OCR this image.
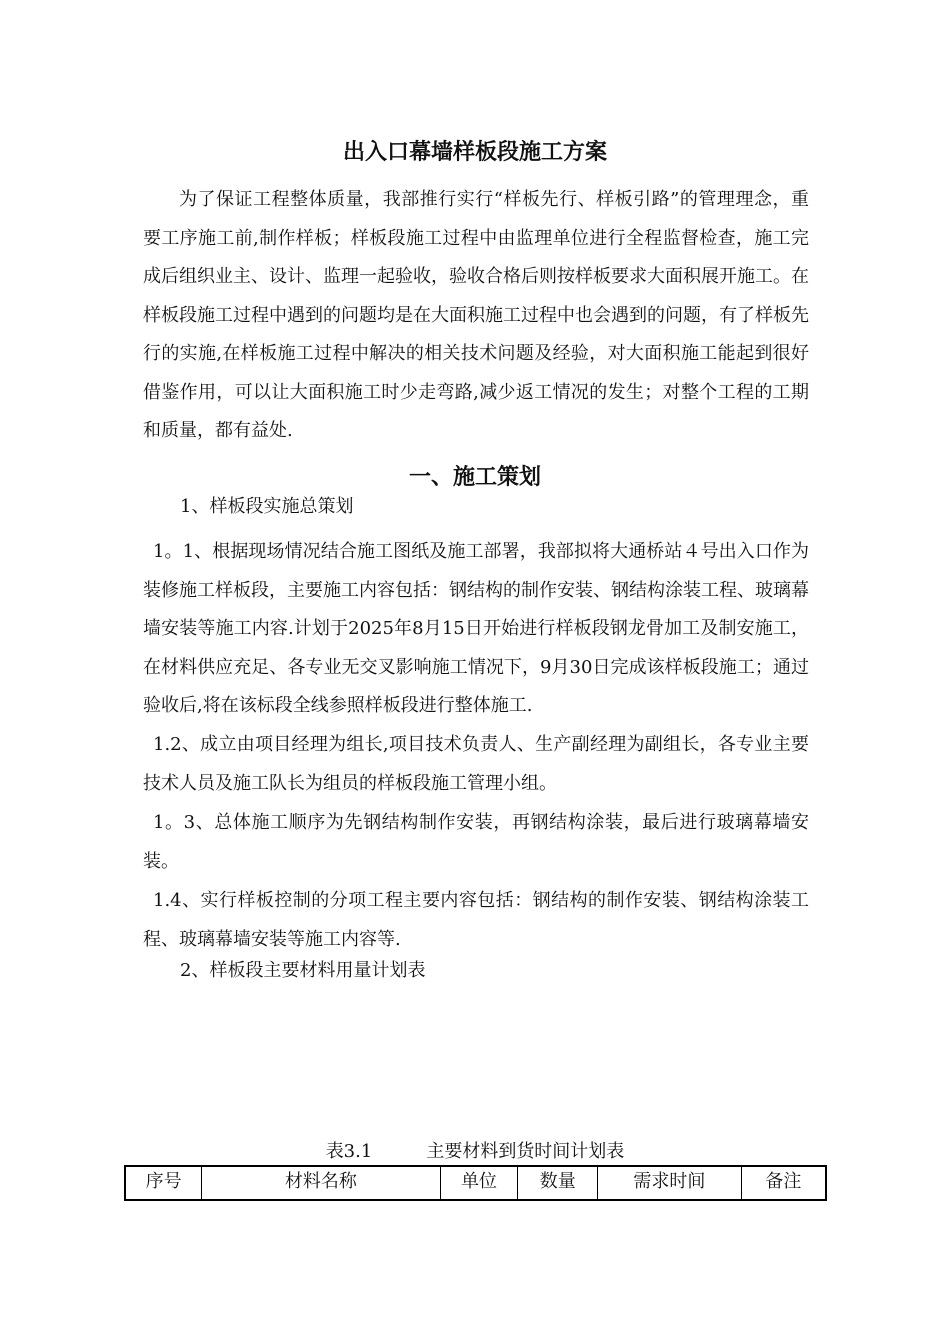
出入口幕墙样板段施工方案

为了保证工程整体质量，我部推行实行“样板先行、样板引路”的管理理念，重要工序施工前,制作样板；样板段施工过程中由监理单位进行全程监督检查，施工完成后组织业主、设计、监理一起验收，验收合格后则按样板要求大面积展开施工。在样板段施工过程中遇到的问题均是在大面积施工过程中也会遇到的问题，有了样板先行的实施,在样板施工过程中解决的相关技术问题及经验，对大面积施工能起到很好借鉴作用，可以让大面积施工时少走弯路,减少返工情况的发生；对整个工程的工期和质量，都有益处.

一、施工策划

1、样板段实施总策划

1。1、根据现场情况结合施工图纸及施工部署，我部拟将大通桥站４号出入口作为装修施工样板段，主要施工内容包括：钢结构的制作安装、钢结构涂装工程、玻璃幕墙安装等施工内容.计划于2025年8月15日开始进行样板段钢龙骨加工及制安施工，在材料供应充足、各专业无交叉影响施工情况下，9月30日完成该样板段施工；通过验收后,将在该标段全线参照样板段进行整体施工.

1.2、成立由项目经理为组长,项目技术负责人、生产副经理为副组长，各专业主要技术人员及施工队长为组员的样板段施工管理小组。

1。3、总体施工顺序为先钢结构制作安装，再钢结构涂装，最后进行玻璃幕墙安装。

1.4、实行样板控制的分项工程主要内容包括：钢结构的制作安装、钢结构涂装工程、玻璃幕墙安装等施工内容等.

2、样板段主要材料用量计划表

表3.1　　　主要材料到货时间计划表

序号	材料名称	单位	数量	需求时间	备注
